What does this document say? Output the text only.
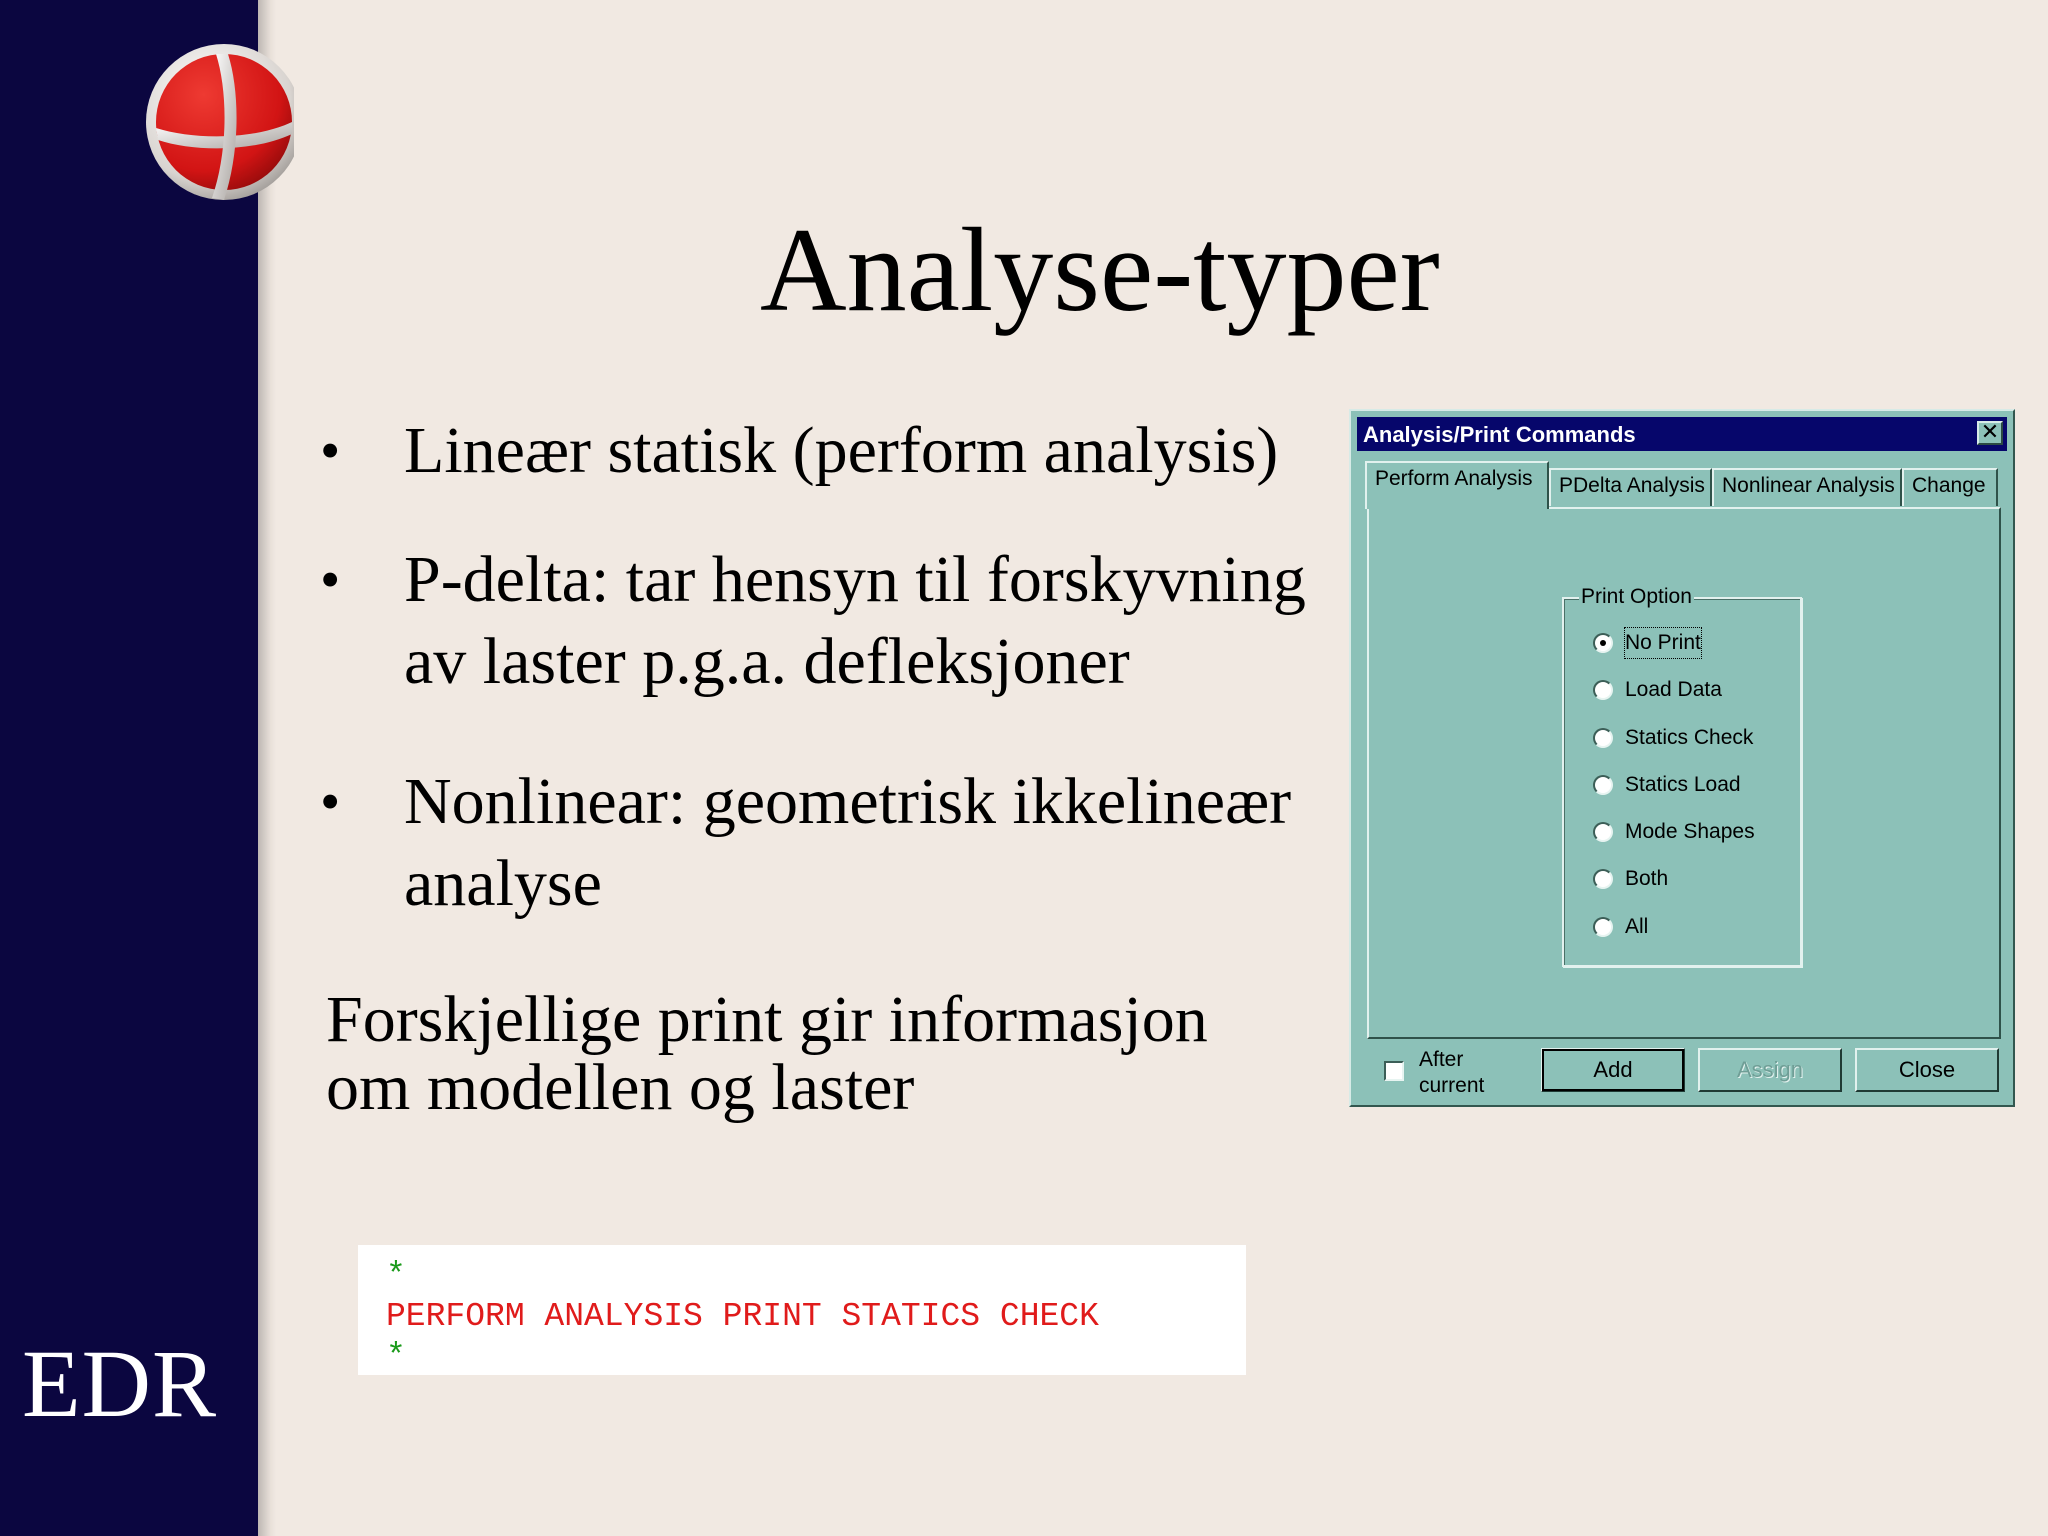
EDR
Analyse-typer
• Lineær statisk (perform analysis)
• P-delta: tar hensyn til forskyvning av laster p.g.a. defleksjoner
• Nonlinear: geometrisk ikkelineær analyse
Forskjellige print gir informasjon
om modellen og laster
*
PERFORM ANALYSIS PRINT STATICS CHECK
*
Analysis/Print Commands	✕
Perform Analysis	PDelta Analysis Nonlinear Analysis Change
Print Option
No Print
Load Data
Statics Check
Statics Load
Mode Shapes
Both
All
After
current
Add	Assign	Close
